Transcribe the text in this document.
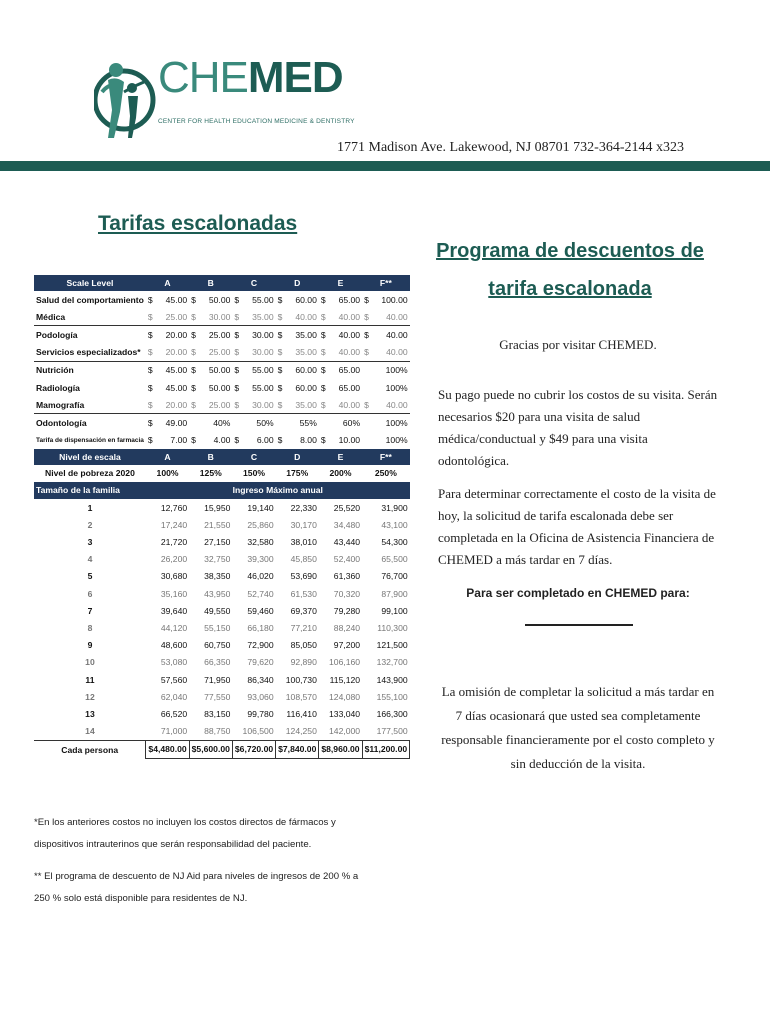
CHEMED
CENTER FOR HEALTH EDUCATION MEDICINE & DENTISTRY
1771 Madison Ave. Lakewood, NJ 08701 732-364-2144 x323
Tarifas escalonadas
Scale Level	A	B	C	D	E	F**
Salud del comportamiento	$ 45.00	$ 50.00	$ 55.00	$ 60.00	$ 65.00	$ 100.00
Médica	$ 25.00	$ 30.00	$ 35.00	$ 40.00	$ 40.00	$ 40.00
Podología	$ 20.00	$ 25.00	$ 30.00	$ 35.00	$ 40.00	$ 40.00
Servicios especializados*	$ 20.00	$ 25.00	$ 30.00	$ 35.00	$ 40.00	$ 40.00
Nutrición	$ 45.00	$ 50.00	$ 55.00	$ 60.00	$ 65.00	100%
Radiología	$ 45.00	$ 50.00	$ 55.00	$ 60.00	$ 65.00	100%
Mamografía	$ 20.00	$ 25.00	$ 30.00	$ 35.00	$ 40.00	$ 40.00
Odontología	$ 49.00	40%	50%	55%	60%	100%
Tarifa de dispensación en farmacia	$ 7.00	$ 4.00	$ 6.00	$ 8.00	$ 10.00	100%
Nivel de escala	A	B	C	D	E	F**
Nivel de pobreza 2020	100%	125%	150%	175%	200%	250%
Tamaño de la familia	Ingreso Máximo anual					
1	12,760	15,950	19,140	22,330	25,520	31,900
2	17,240	21,550	25,860	30,170	34,480	43,100
3	21,720	27,150	32,580	38,010	43,440	54,300
4	26,200	32,750	39,300	45,850	52,400	65,500
5	30,680	38,350	46,020	53,690	61,360	76,700
6	35,160	43,950	52,740	61,530	70,320	87,900
7	39,640	49,550	59,460	69,370	79,280	99,100
8	44,120	55,150	66,180	77,210	88,240	110,300
9	48,600	60,750	72,900	85,050	97,200	121,500
10	53,080	66,350	79,620	92,890	106,160	132,700
11	57,560	71,950	86,340	100,730	115,120	143,900
12	62,040	77,550	93,060	108,570	124,080	155,100
13	66,520	83,150	99,780	116,410	133,040	166,300
14	71,000	88,750	106,500	124,250	142,000	177,500
Cada persona	$4,480.00	$5,600.00	$6,720.00	$7,840.00	$8,960.00	$11,200.00

*En los anteriores costos no incluyen los costos directos de fármacos y dispositivos intrauterinos que serán responsabilidad del paciente.

** El programa de descuento de NJ Aid para niveles de ingresos de 200 % a 250 % solo está disponible para residentes de NJ.

Programa de descuentos de tarifa escalonada
Gracias por visitar CHEMED.
Su pago puede no cubrir los costos de su visita. Serán necesarios $20 para una visita de salud médica/conductual y $49 para una visita odontológica.
Para determinar correctamente el costo de la visita de hoy, la solicitud de tarifa escalonada debe ser completada en la Oficina de Asistencia Financiera de CHEMED a más tardar en 7 días.
Para ser completado en CHEMED para:
La omisión de completar la solicitud a más tardar en 7 días ocasionará que usted sea completamente responsable financieramente por el costo completo y sin deducción de la visita.
